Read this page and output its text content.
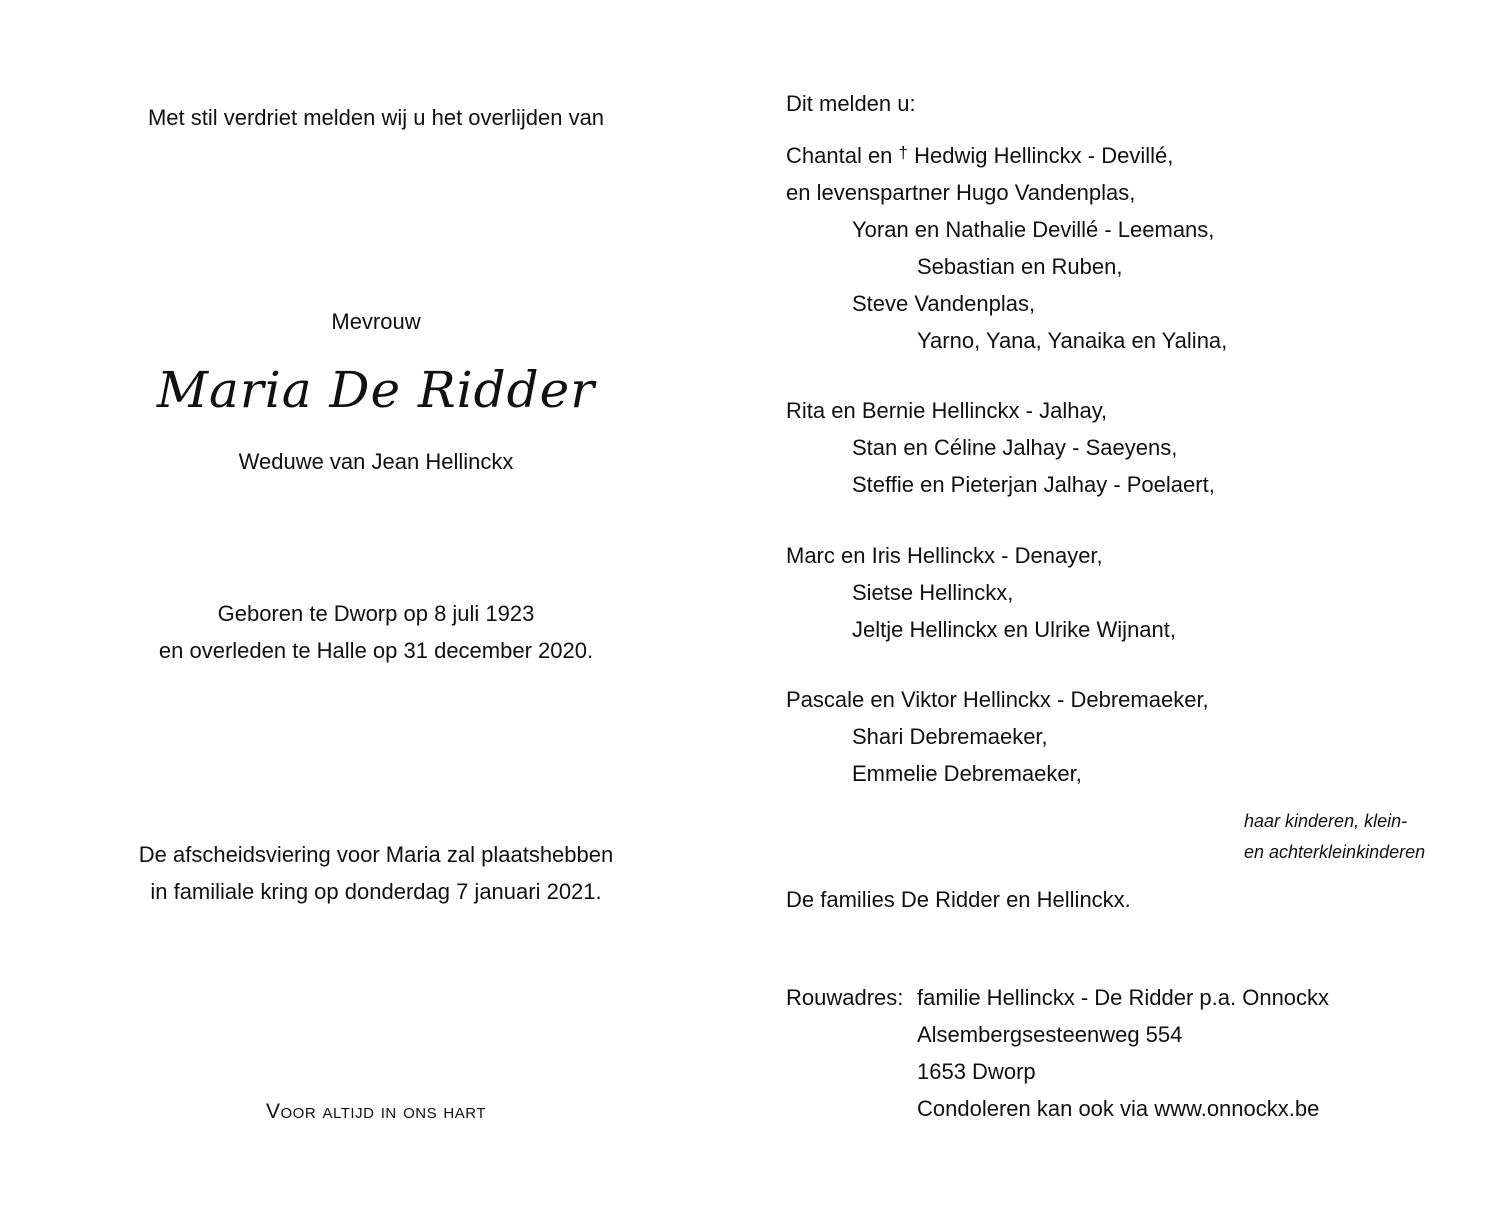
Met stil verdriet melden wij u het overlijden van
Mevrouw
Maria De Ridder
Weduwe van Jean Hellinckx
Geboren te Dworp op 8 juli 1923
en overleden te Halle op 31 december 2020.
De afscheidsviering voor Maria zal plaatshebben
in familiale kring op donderdag 7 januari 2021.
Voor altijd in ons hart
Dit melden u:
Chantal en † Hedwig Hellinckx - Devillé,
en levenspartner Hugo Vandenplas,
Yoran en Nathalie Devillé - Leemans,
Sebastian en Ruben,
Steve Vandenplas,
Yarno, Yana, Yanaika en Yalina,
Rita en Bernie Hellinckx - Jalhay,
Stan en Céline Jalhay - Saeyens,
Steffie en Pieterjan Jalhay - Poelaert,
Marc en Iris Hellinckx - Denayer,
Sietse Hellinckx,
Jeltje Hellinckx en Ulrike Wijnant,
Pascale en Viktor Hellinckx - Debremaeker,
Shari Debremaeker,
Emmelie Debremaeker,
haar kinderen, klein-
en achterkleinkinderen
De families De Ridder en Hellinckx.
Rouwadres: familie Hellinckx - De Ridder p.a. Onnockx
Alsembergsesteenweg 554
1653 Dworp
Condoleren kan ook via www.onnockx.be
